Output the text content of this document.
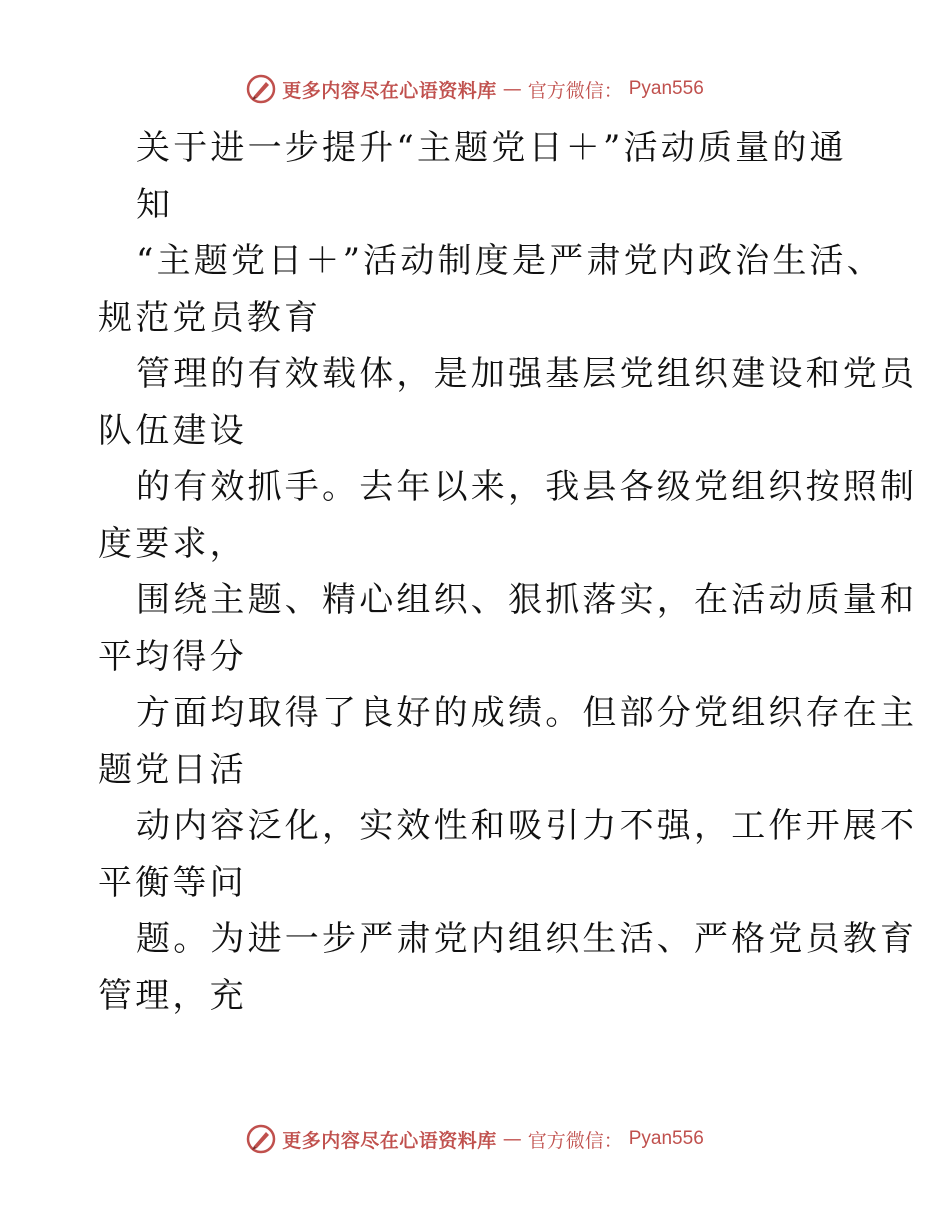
更多内容尽在心语资料库 — 官方微信： Pyan556
关于进一步提升“主题党日＋”活动质量的通
知
“主题党日＋”活动制度是严肃党内政治生活、
规范党员教育
管理的有效载体，是加强基层党组织建设和党员
队伍建设
的有效抓手。去年以来，我县各级党组织按照制
度要求，
围绕主题、精心组织、狠抓落实，在活动质量和
平均得分
方面均取得了良好的成绩。但部分党组织存在主
题党日活
动内容泛化，实效性和吸引力不强，工作开展不
平衡等问
题。为进一步严肃党内组织生活、严格党员教育
管理，充
更多内容尽在心语资料库 — 官方微信： Pyan556
